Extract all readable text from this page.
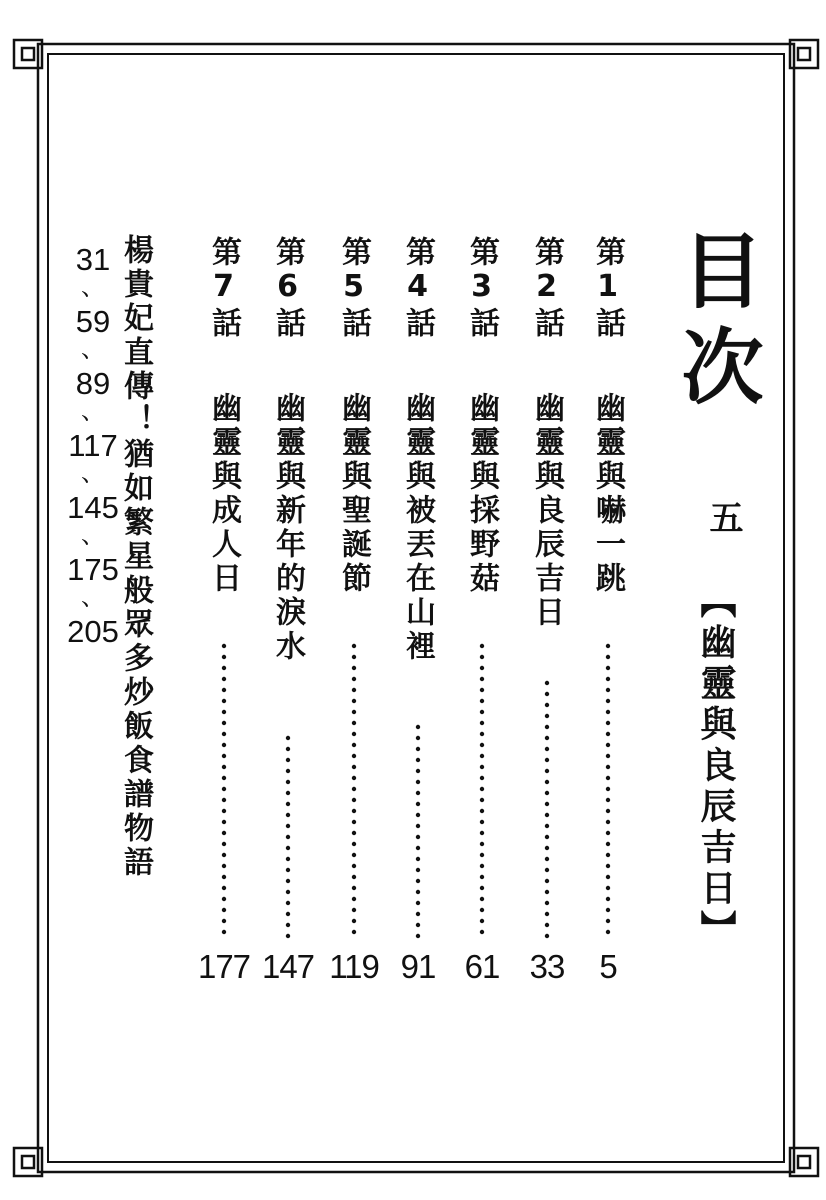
目次
五
【幽靈與良辰吉日】
第1話
幽靈與嚇一跳
5
第2話
幽靈與良辰吉日
33
第3話
幽靈與採野菇
61
第4話
幽靈與被丟在山裡
91
第5話
幽靈與聖誕節
119
第6話
幽靈與新年的淚水
147
第7話
幽靈與成人日
177
楊貴妃直傳！猶如繁星般眾多炒飯食譜物語
31
、
59
、
89
、
117
、
145
、
175
、
205
